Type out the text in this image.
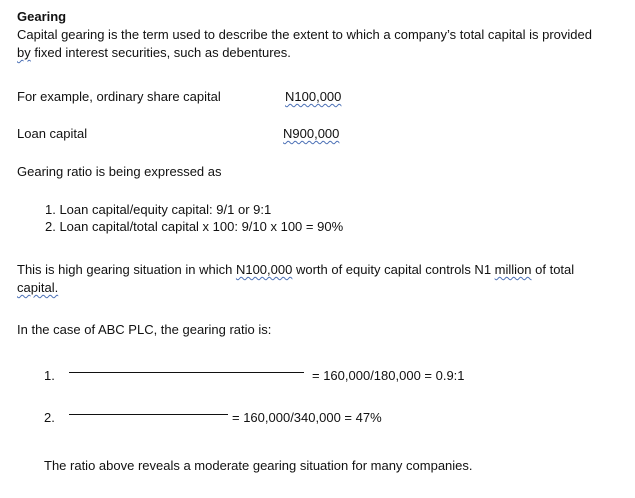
Gearing
Capital gearing is the term used to describe the extent to which a company’s total capital is provided
by fixed interest securities, such as debentures.
For example, ordinary share capital	N100,000
Loan capital	N900,000
Gearing ratio is being expressed as
1. Loan capital/equity capital: 9/1 or 9:1
2. Loan capital/total capital x 100: 9/10 x 100 = 90%
This is high gearing situation in which N100,000 worth of equity capital controls N1 million of total
capital.
In the case of ABC PLC, the gearing ratio is:
1.	= 160,000/180,000 = 0.9:1
2.	= 160,000/340,000 = 47%
The ratio above reveals a moderate gearing situation for many companies.
